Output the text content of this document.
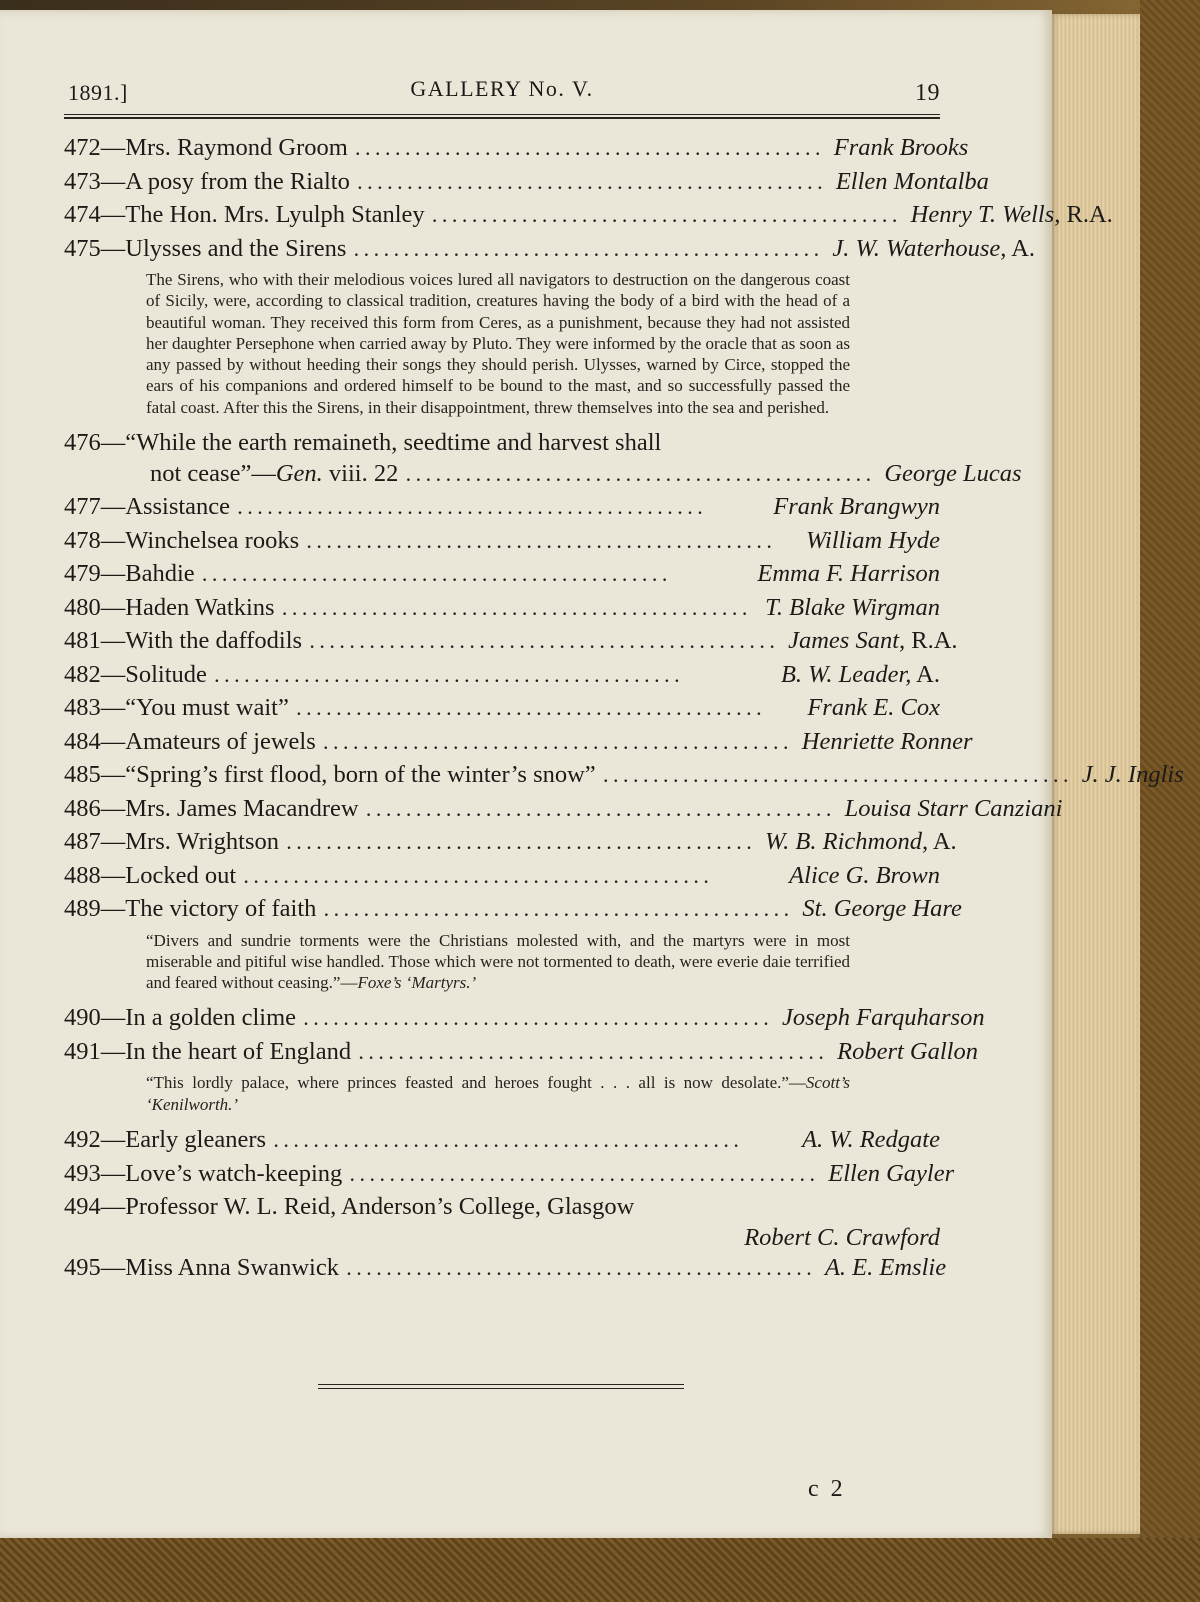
1891.]	GALLERY No. V.	19
472—Mrs. Raymond Groom ............................................... Frank Brooks
473—A posy from the Rialto ............................................... Ellen Montalba
474—The Hon. Mrs. Lyulph Stanley ............................................... Henry T. Wells, R.A.
475—Ulysses and the Sirens ............................................... J. W. Waterhouse, A.
The Sirens, who with their melodious voices lured all navigators to destruction on the dangerous coast of Sicily, were, according to classical tradition, creatures having the body of a bird with the head of a beautiful woman. They received this form from Ceres, as a punishment, because they had not assisted her daughter Persephone when carried away by Pluto. They were informed by the oracle that as soon as any passed by without heeding their songs they should perish. Ulysses, warned by Circe, stopped the ears of his companions and ordered himself to be bound to the mast, and so successfully passed the fatal coast. After this the Sirens, in their disappointment, threw themselves into the sea and perished.
476—“While the earth remaineth, seedtime and harvest shall
not cease”—Gen. viii. 22 ............................................... George Lucas
477—Assistance ...............................................	Frank Brangwyn
478—Winchelsea rooks ...............................................	William Hyde
479—Bahdie ...............................................	Emma F. Harrison
480—Haden Watkins ............................................... T. Blake Wirgman
481—With the daffodils ............................................... James Sant, R.A.
482—Solitude ...............................................	B. W. Leader, A.
483—“You must wait” ...............................................	Frank E. Cox
484—Amateurs of jewels ............................................... Henriette Ronner
485—“Spring’s first flood, born of the winter’s snow” ............................................... J. J. Inglis
486—Mrs. James Macandrew ............................................... Louisa Starr Canziani
487—Mrs. Wrightson ............................................... W. B. Richmond, A.
488—Locked out ...............................................	Alice G. Brown
489—The victory of faith ............................................... St. George Hare
“Divers and sundrie torments were the Christians molested with, and the martyrs were in most miserable and pitiful wise handled. Those which were not tormented to death, were everie daie terrified and feared without ceasing.”—Foxe’s ‘Martyrs.’
490—In a golden clime ............................................... Joseph Farquharson
491—In the heart of England ............................................... Robert Gallon
“This lordly palace, where princes feasted and heroes fought . . . all is now desolate.”—Scott’s ‘Kenilworth.’
492—Early gleaners ...............................................	A. W. Redgate
493—Love’s watch-keeping ............................................... Ellen Gayler
494—Professor W. L. Reid, Anderson’s College, Glasgow
Robert C. Crawford
495—Miss Anna Swanwick ............................................... A. E. Emslie
c 2
